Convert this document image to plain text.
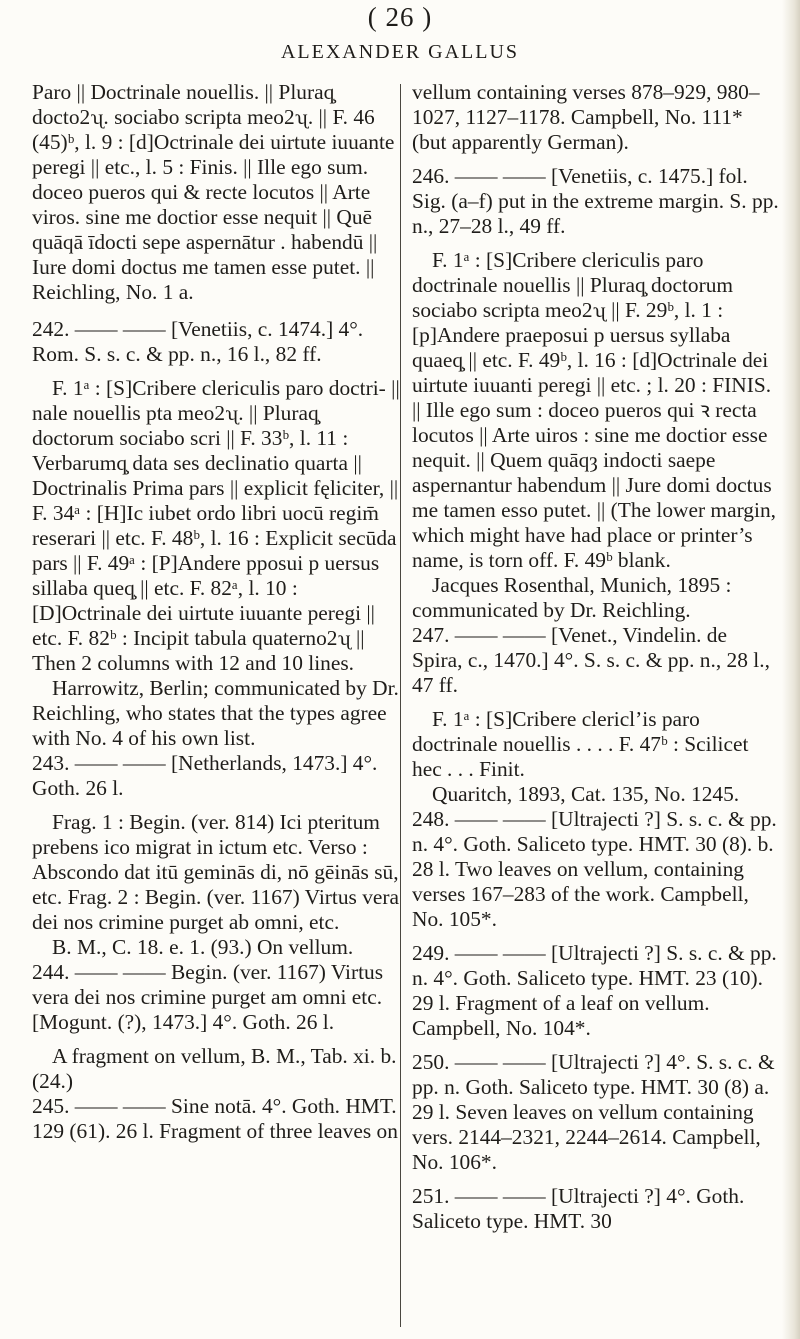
( 26 )
ALEXANDER GALLUS

Paro || Doctrinale nouellis. || Pluraq̧ docto2ʯ. sociabo scripta meo2ʯ. || F. 46 (45)ᵇ, l. 9 : [d]Octrinale dei uirtute iuuante peregi || etc., l. 5 : Finis. || Ille ego sum. doceo pueros qui & recte locutos || Arte viros. sine me doctior esse nequit || Quē quāqā īdocti sepe aspernātur . habendū || Iure domi doctus me tamen esse putet. || Reichling, No. 1 a.

242. —— —— [Venetiis, c. 1474.] 4°. Rom. S. s. c. & pp. n., 16 l., 82 ff.

F. 1ᵃ : [S]Cribere clericulis paro doctri- || nale nouellis pta meo2ʯ. || Pluraq̧ doctorum sociabo scri || F. 33ᵇ, l. 11 : Verbarumq̧ data ses declinatio quarta || Doctrinalis Prima pars || explicit fęliciter, || F. 34ᵃ : [H]Ic iubet ordo libri uocū regim̄ reserari || etc. F. 48ᵇ, l. 16 : Explicit secūda pars || F. 49ᵃ : [P]Andere pposui p uersus sillaba queq̧ || etc. F. 82ᵃ, l. 10 : [D]Octrinale dei uirtute iuuante peregi || etc. F. 82ᵇ : Incipit tabula quaterno2ʯ || Then 2 columns with 12 and 10 lines.

Harrowitz, Berlin; communicated by Dr. Reichling, who states that the types agree with No. 4 of his own list.

243. —— —— [Netherlands, 1473.] 4°. Goth. 26 l.

Frag. 1 : Begin. (ver. 814) Ici pteritum prebens ico migrat in ictum etc. Verso : Abscondo dat itū geminās di, nō gēinās sū, etc. Frag. 2 : Begin. (ver. 1167) Virtus vera dei nos crimine purget ab omni, etc.

B. M., C. 18. e. 1. (93.) On vellum.

244. —— —— Begin. (ver. 1167) Virtus vera dei nos crimine purget am omni etc. [Mogunt. (?), 1473.] 4°. Goth. 26 l.

A fragment on vellum, B. M., Tab. xi. b. (24.)

245. —— —— Sine notā. 4°. Goth. HMT. 129 (61). 26 l. Fragment of three leaves on

vellum containing verses 878–929, 980–1027, 1127–1178. Campbell, No. 111* (but apparently German).

246. —— —— [Venetiis, c. 1475.] fol. Sig. (a–f) put in the extreme margin. S. pp. n., 27–28 l., 49 ff.

F. 1ᵃ : [S]Cribere clericulis paro doctrinale nouellis || Pluraq̧ doctorum sociabo scripta meo2ʯ || F. 29ᵇ, l. 1 : [p]Andere praeposui p uersus syllaba quaeq̧ || etc. F. 49ᵇ, l. 16 : [d]Octrinale dei uirtute iuuanti peregi || etc. ; l. 20 : FINIS. || Ille ego sum : doceo pueros qui ꝛ recta locutos || Arte uiros : sine me doctior esse nequit. || Quem quāqȝ indocti saepe aspernantur habendum || Jure domi doctus me tamen esso putet. || (The lower margin, which might have had place or printer’s name, is torn off. F. 49ᵇ blank.

Jacques Rosenthal, Munich, 1895 : communicated by Dr. Reichling.

247. —— —— [Venet., Vindelin. de Spira, c., 1470.] 4°. S. s. c. & pp. n., 28 l., 47 ff.

F. 1ᵃ : [S]Cribere clericl’is paro doctrinale nouellis . . . . F. 47ᵇ : Scilicet hec . . . Finit.

Quaritch, 1893, Cat. 135, No. 1245.

248. —— —— [Ultrajecti ?] S. s. c. & pp. n. 4°. Goth. Saliceto type. HMT. 30 (8). b. 28 l. Two leaves on vellum, containing verses 167–283 of the work. Campbell, No. 105*.

249. —— —— [Ultrajecti ?] S. s. c. & pp. n. 4°. Goth. Saliceto type. HMT. 23 (10). 29 l. Fragment of a leaf on vellum. Campbell, No. 104*.

250. —— —— [Ultrajecti ?] 4°. S. s. c. & pp. n. Goth. Saliceto type. HMT. 30 (8) a. 29 l. Seven leaves on vellum containing vers. 2144–2321, 2244–2614. Campbell, No. 106*.

251. —— —— [Ultrajecti ?] 4°. Goth. Saliceto type. HMT. 30
